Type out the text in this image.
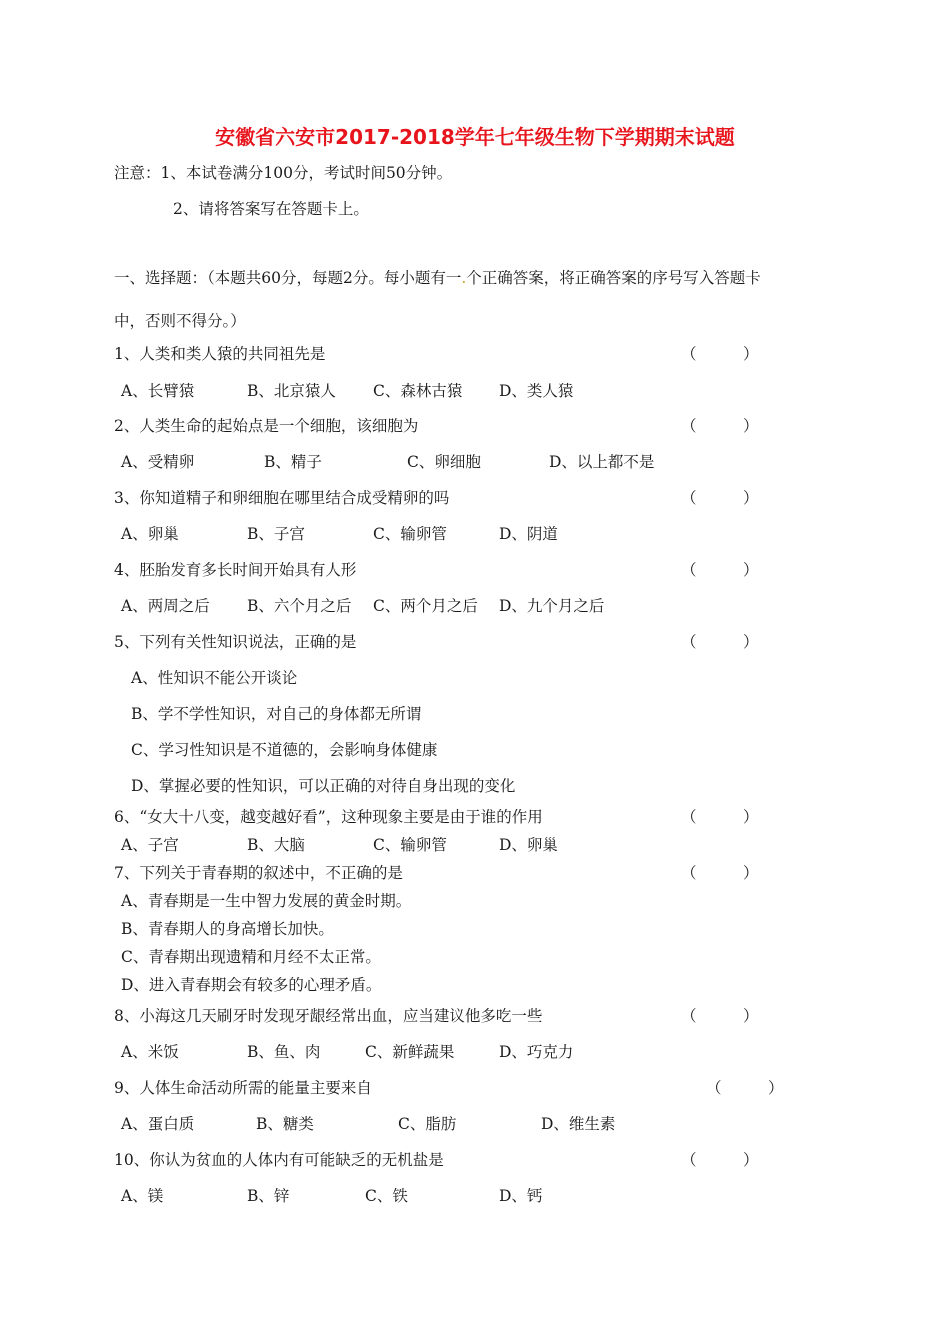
安徽省六安市2017-2018学年七年级生物下学期期末试题
注意：1、本试卷满分100分，考试时间50分钟。
2、请将答案写在答题卡上。
一、选择题：（本题共60分，每题2分。每小题有一.个正确答案，将正确答案的序号写入答题卡
中，否则不得分。）
1、人类和类人猿的共同祖先是	（　　　）
A、长臂猿	B、北京猿人 C、森林古猿 D、类人猿
2、人类生命的起始点是一个细胞，该细胞为	（　　　）
A、受精卵	B、精子	C、卵细胞	D、以上都不是
3、你知道精子和卵细胞在哪里结合成受精卵的吗	（　　　）
A、卵巢	B、子宫	C、输卵管	D、阴道
4、胚胎发育多长时间开始具有人形	（　　　）
A、两周之后 B、六个月之后 C、两个月之后 D、九个月之后
5、下列有关性知识说法，正确的是	（　　　）
A、性知识不能公开谈论
B、学不学性知识，对自己的身体都无所谓
C、学习性知识是不道德的，会影响身体健康
D、掌握必要的性知识，可以正确的对待自身出现的变化
6、“女大十八变，越变越好看”，这种现象主要是由于谁的作用	（　　　）
A、子宫	B、大脑	C、输卵管	D、卵巢
7、下列关于青春期的叙述中，不正确的是	（　　　）
A、青春期是一生中智力发展的黄金时期。
B、青春期人的身高增长加快。
C、青春期出现遗精和月经不太正常。
D、进入青春期会有较多的心理矛盾。
8、小海这几天刷牙时发现牙龈经常出血，应当建议他多吃一些	（　　　）
A、米饭	B、鱼、肉	C、新鲜蔬果	D、巧克力
9、人体生命活动所需的能量主要来自	（　　　）
A、蛋白质	B、糖类	C、脂肪	D、维生素
10、你认为贫血的人体内有可能缺乏的无机盐是	（　　　）
A、镁	B、锌	C、铁	D、钙
